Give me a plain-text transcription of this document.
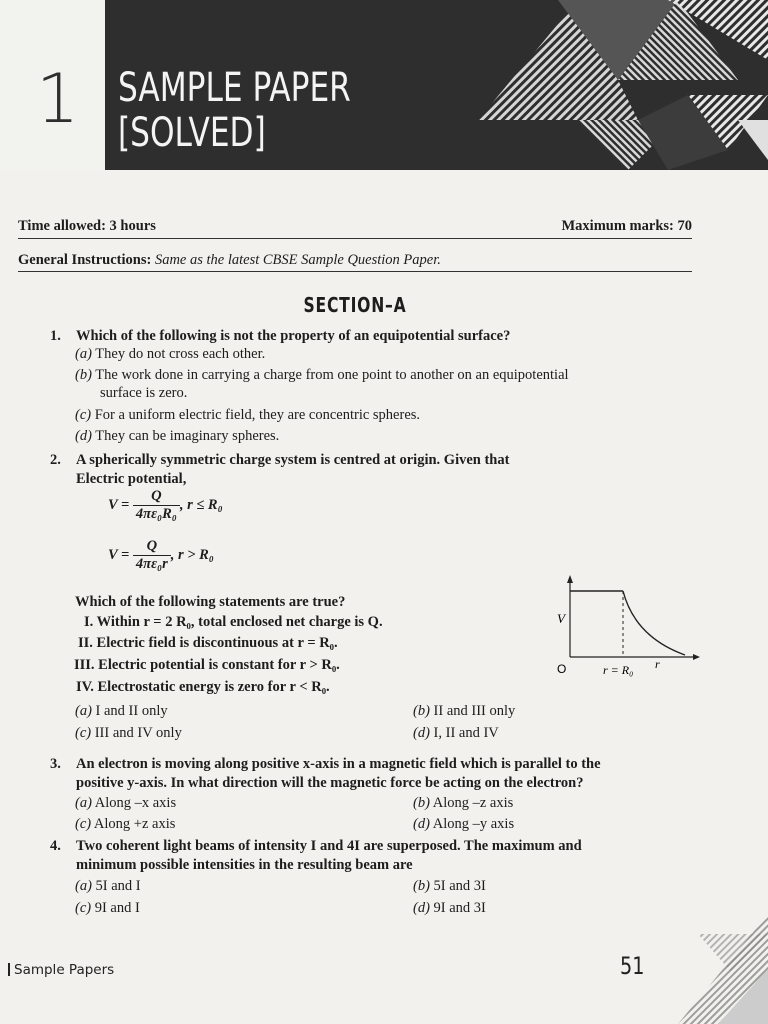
1 SAMPLE PAPER
[SOLVED]
Time allowed: 3 hours	Maximum marks: 70
General Instructions: Same as the latest CBSE Sample Question Paper.
SECTION–A
1. Which of the following is not the property of an equipotential surface?
(a) They do not cross each other.
(b) The work done in carrying a charge from one point to another on an equipotential
surface is zero.
(c) For a uniform electric field, they are concentric spheres.
(d) They can be imaginary spheres.
2. A spherically symmetric charge system is centred at origin. Given that
Electric potential,
$V = \frac{Q}{\text{4πε₀R₀}}$ , r ≤ R₀
$V = \frac{Q}{\text{4πε₀r}}$ , r > R₀
Which of the following statements are true?
I. Within r = 2 R₀, total enclosed net charge is Q.
II. Electric field is discontinuous at r = R₀.
III. Electric potential is constant for r > R₀.
IV. Electrostatic energy is zero for r < R₀.
V
O	r = R₀ r
(a) I and II only	(b) II and III only
(c) III and IV only	(d) I, II and IV
3. An electron is moving along positive x-axis in a magnetic field which is parallel to the
positive y-axis. In what direction will the magnetic force be acting on the electron?
(a) Along –x axis	(b) Along –z axis
(c) Along +z axis	(d) Along –y axis
4. Two coherent light beams of intensity I and 4I are superposed. The maximum and
minimum possible intensities in the resulting beam are
(a) 5I and I	(b) 5I and 3I
(c) 9I and I	(d) 9I and 3I
Sample Papers	51
